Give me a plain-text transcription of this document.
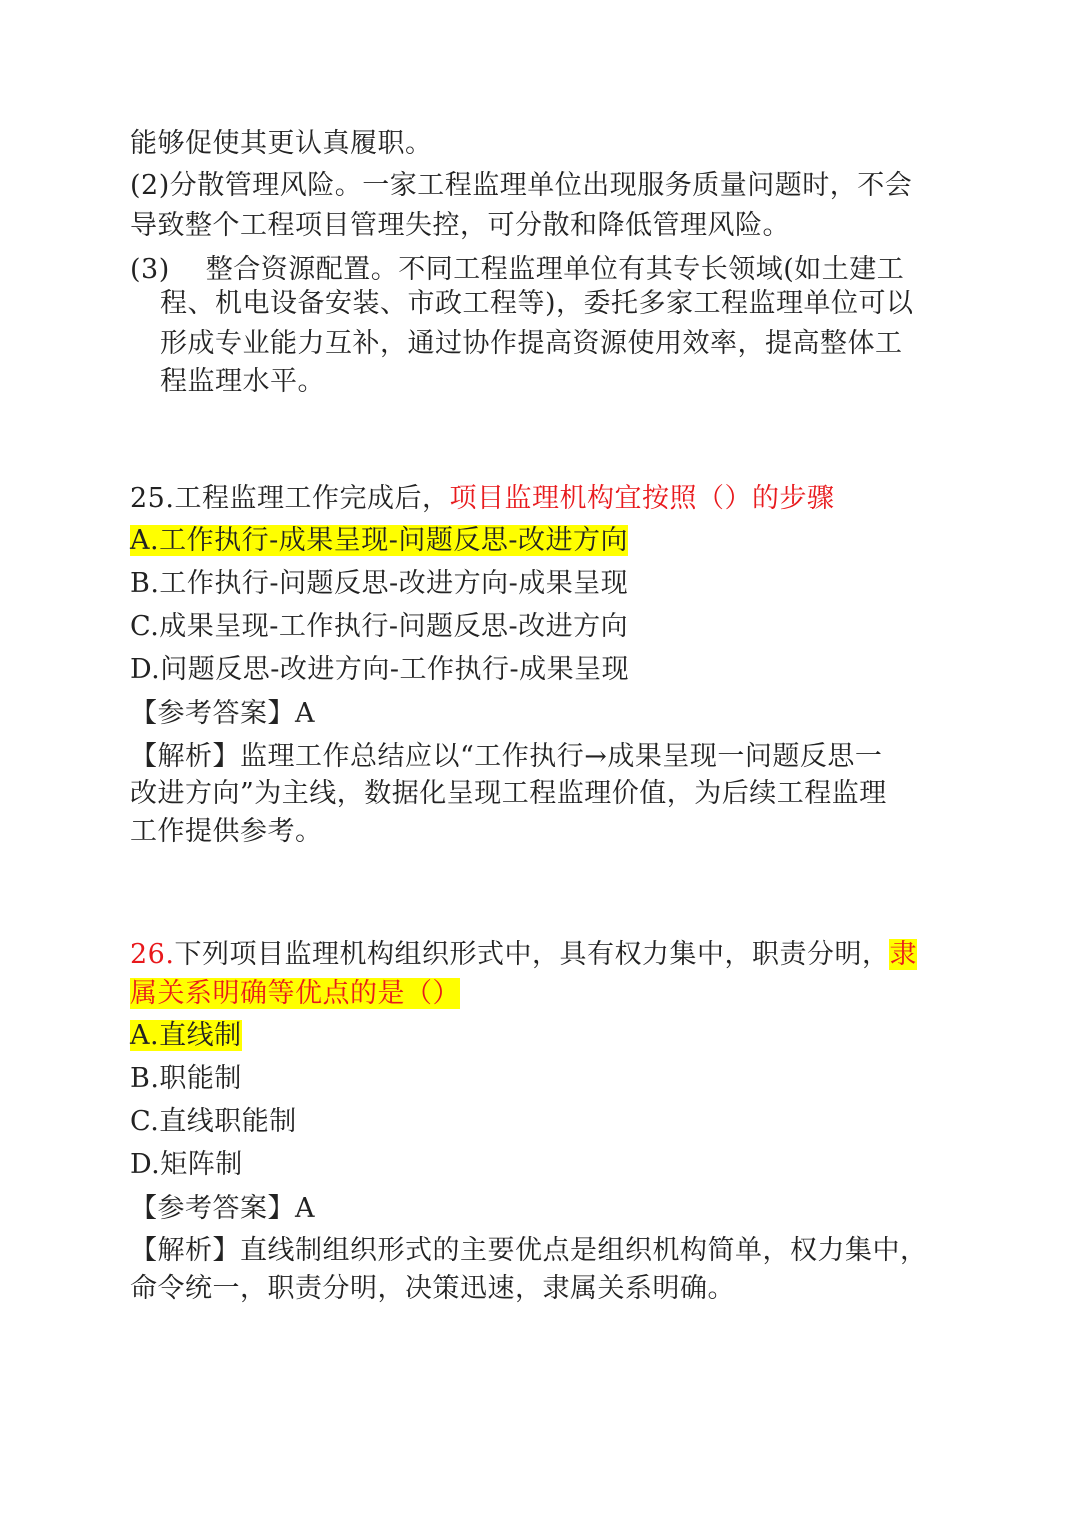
能够促使其更认真履职。
(2)分散管理风险。一家工程监理单位出现服务质量问题时，不会
导致整个工程项目管理失控，可分散和降低管理风险。
(3) 整合资源配置。不同工程监理单位有其专长领域(如土建工
程、机电设备安装、市政工程等)，委托多家工程监理单位可以
形成专业能力互补，通过协作提高资源使用效率，提高整体工
程监理水平。
25.工程监理工作完成后，项目监理机构宜按照（）的步骤
A.工作执行-成果呈现-问题反思-改进方向
B.工作执行-问题反思-改进方向-成果呈现
C.成果呈现-工作执行-问题反思-改进方向
D.问题反思-改进方向-工作执行-成果呈现
【参考答案】A
【解析】监理工作总结应以“工作执行→成果呈现一问题反思一
改进方向”为主线，数据化呈现工程监理价值，为后续工程监理
工作提供参考。
26.下列项目监理机构组织形式中，具有权力集中，职责分明，隶
属关系明确等优点的是（）
A.直线制
B.职能制
C.直线职能制
D.矩阵制
【参考答案】A
【解析】直线制组织形式的主要优点是组织机构简单，权力集中，
命令统一，职责分明，决策迅速，隶属关系明确。
